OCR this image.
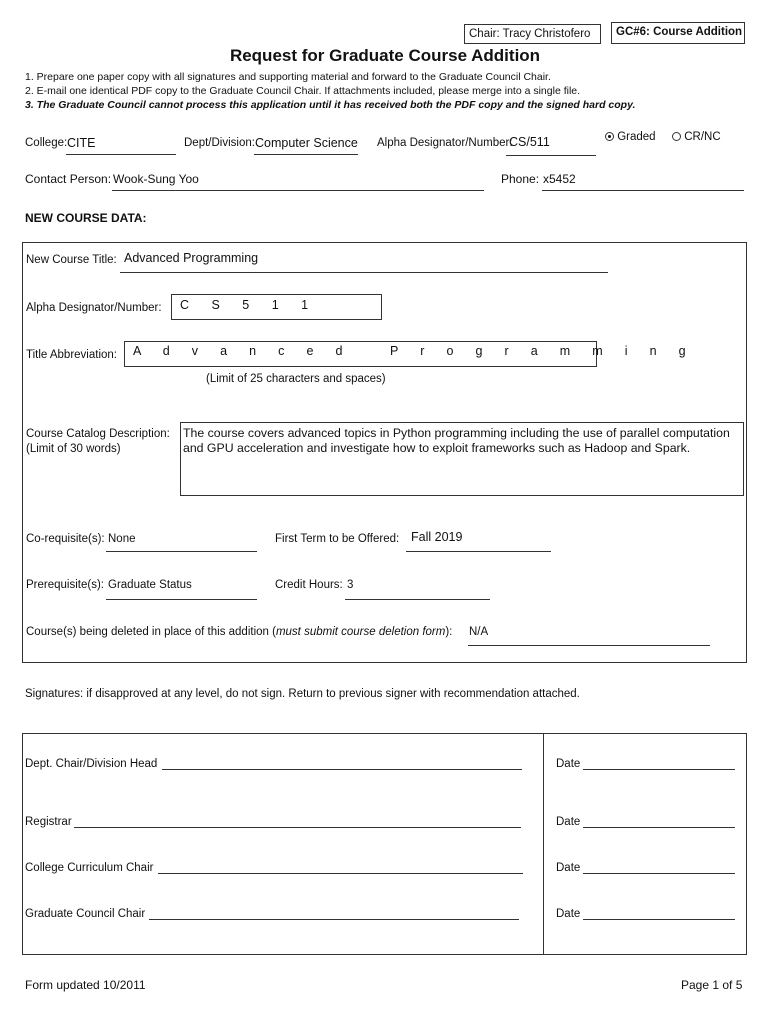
Chair: Tracy Christofero	GC#6: Course Addition
Request for Graduate Course Addition
1. Prepare one paper copy with all signatures and supporting material and forward to the Graduate Council Chair.
2. E-mail one identical PDF copy to the Graduate Council Chair. If attachments included, please merge into a single file.
3. The Graduate Council cannot process this application until it has received both the PDF copy and the signed hard copy.
College: CITE	Dept/Division: Computer Science Alpha Designator/Number:
CS/511	Graded	CR/NC
Contact Person: Wook-Sung Yoo	Phone: x5452
NEW COURSE DATA:
New Course Title: Advanced Programming
Alpha Designator/Number: C S 5 1 1
Title Abbreviation: A d v a n c e d   P r o g r a m m i n g
(Limit of 25 characters and spaces)
Course Catalog Description:
(Limit of 30 words)
The course covers advanced topics in Python programming including the use of parallel computation and GPU acceleration and investigate how to exploit frameworks such as Hadoop and Spark.
Co-requisite(s): None	First Term to be Offered: Fall 2019
Prerequisite(s): Graduate Status	Credit Hours: 3
Course(s) being deleted in place of this addition (must submit course deletion form): N/A
Signatures: if disapproved at any level, do not sign. Return to previous signer with recommendation attached.
Dept. Chair/Division Head	Date
Registrar	Date
College Curriculum Chair	Date
Graduate Council Chair	Date
Form updated 10/2011	Page 1 of 5
